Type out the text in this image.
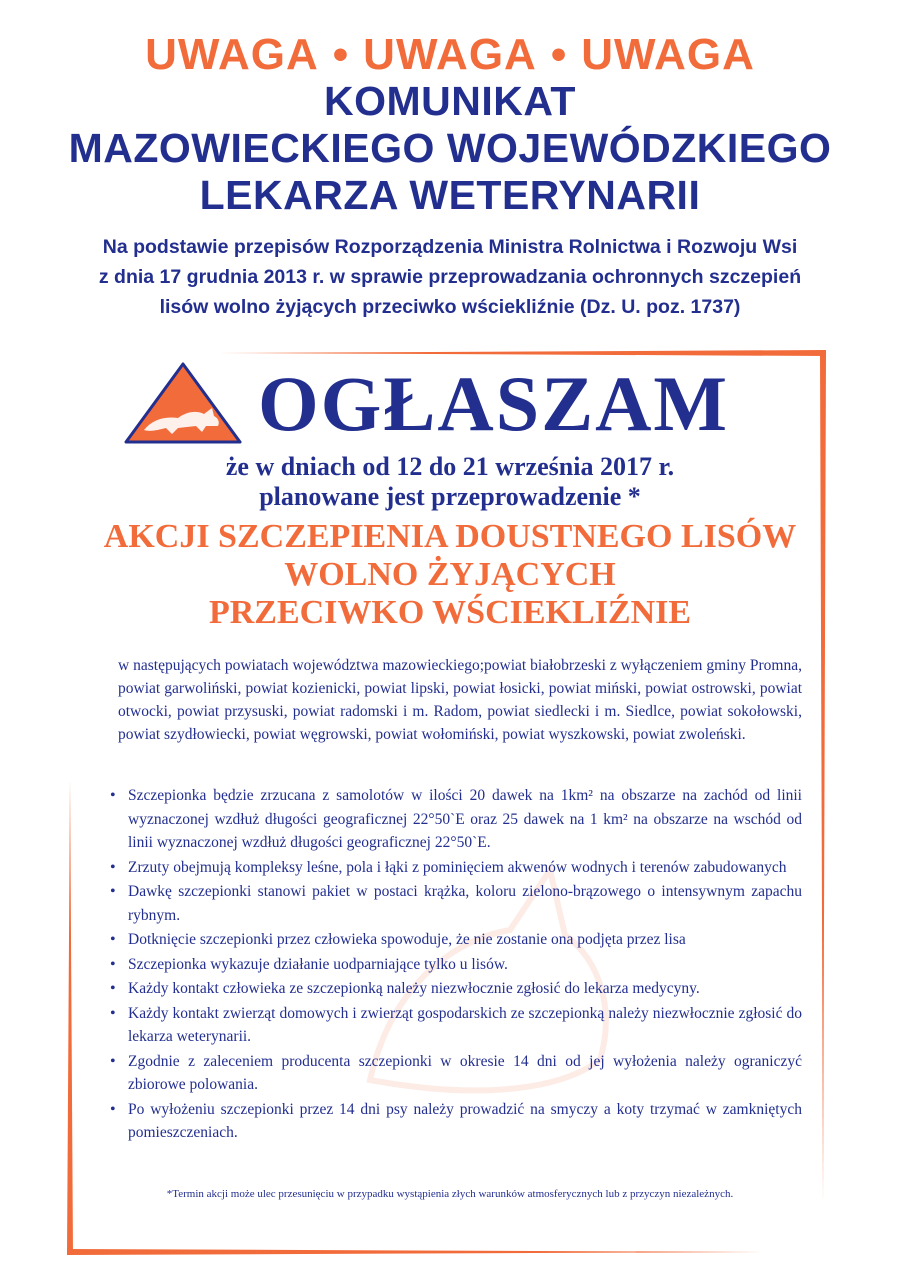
UWAGA • UWAGA • UWAGA
KOMUNIKAT
MAZOWIECKIEGO WOJEWÓDZKIEGO
LEKARZA WETERYNARII
Na podstawie przepisów Rozporządzenia Ministra Rolnictwa i Rozwoju Wsi
z dnia 17 grudnia 2013 r. w sprawie przeprowadzania ochronnych szczepień
lisów wolno żyjących przeciwko wściekliźnie (Dz. U. poz. 1737)
OGŁASZAM
że w dniach od 12 do 21 września 2017 r.
planowane jest przeprowadzenie *
AKCJI SZCZEPIENIA DOUSTNEGO LISÓW
WOLNO ŻYJĄCYCH
PRZECIWKO WŚCIEKLIŹNIE
w następujących powiatach województwa mazowieckiego;powiat białobrzeski z wyłączeniem gminy Promna, powiat garwoliński, powiat kozienicki, powiat lipski, powiat łosicki, powiat miński, powiat ostrowski, powiat otwocki, powiat przysuski, powiat radomski i m. Radom, powiat siedlecki i m. Siedlce, powiat sokołowski, powiat szydłowiecki, powiat węgrowski, powiat wołomiński, powiat wyszkowski, powiat zwoleński.
• Szczepionka będzie zrzucana z samolotów w ilości 20 dawek na 1km² na obszarze na zachód od linii wyznaczonej wzdłuż długości geograficznej 22°50`E oraz 25 dawek na 1 km² na obszarze na wschód od linii wyznaczonej wzdłuż długości geograficznej 22°50`E.
• Zrzuty obejmują kompleksy leśne, pola i łąki z pominięciem akwenów wodnych i terenów zabudowanych
• Dawkę szczepionki stanowi pakiet w postaci krążka, koloru zielono-brązowego o intensywnym zapachu rybnym.
• Dotknięcie szczepionki przez człowieka spowoduje, że nie zostanie ona podjęta przez lisa
• Szczepionka wykazuje działanie uodparniające tylko u lisów.
• Każdy kontakt człowieka ze szczepionką należy niezwłocznie zgłosić do lekarza medycyny.
• Każdy kontakt zwierząt domowych i zwierząt gospodarskich ze szczepionką należy niezwłocznie zgłosić do lekarza weterynarii.
• Zgodnie z zaleceniem producenta szczepionki w okresie 14 dni od jej wyłożenia należy ograniczyć zbiorowe polowania.
• Po wyłożeniu szczepionki przez 14 dni psy należy prowadzić na smyczy a koty trzymać w zamkniętych pomieszczeniach.
*Termin akcji może ulec przesunięciu w przypadku wystąpienia złych warunków atmosferycznych lub z przyczyn niezależnych.
